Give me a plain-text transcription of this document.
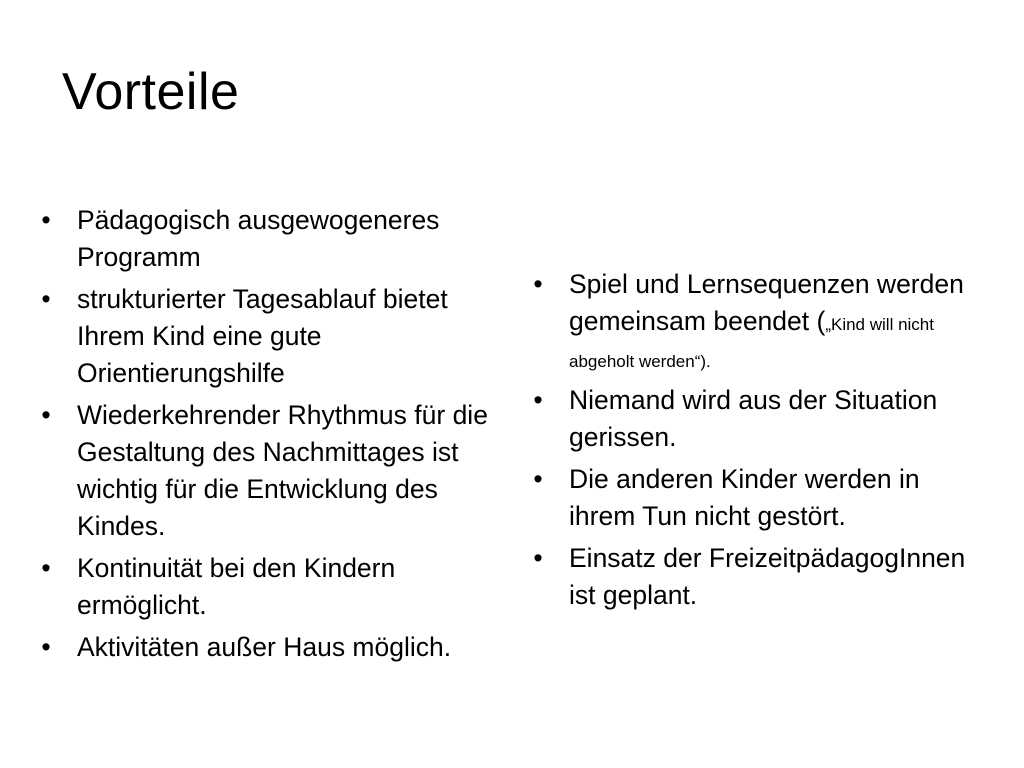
Vorteile
• Pädagogisch ausgewogeneres Programm
• strukturierter Tagesablauf bietet Ihrem Kind eine gute Orientierungshilfe
• Wiederkehrender Rhythmus für die Gestaltung des Nachmittages ist wichtig für die Entwicklung des Kindes.
• Kontinuität bei den Kindern ermöglicht.
• Aktivitäten außer Haus möglich.
• Spiel und Lernsequenzen werden gemeinsam beendet („Kind will nicht abgeholt werden“).
• Niemand wird aus der Situation gerissen.
• Die anderen Kinder werden in ihrem Tun nicht gestört.
• Einsatz der FreizeitpädagogInnen ist geplant.
